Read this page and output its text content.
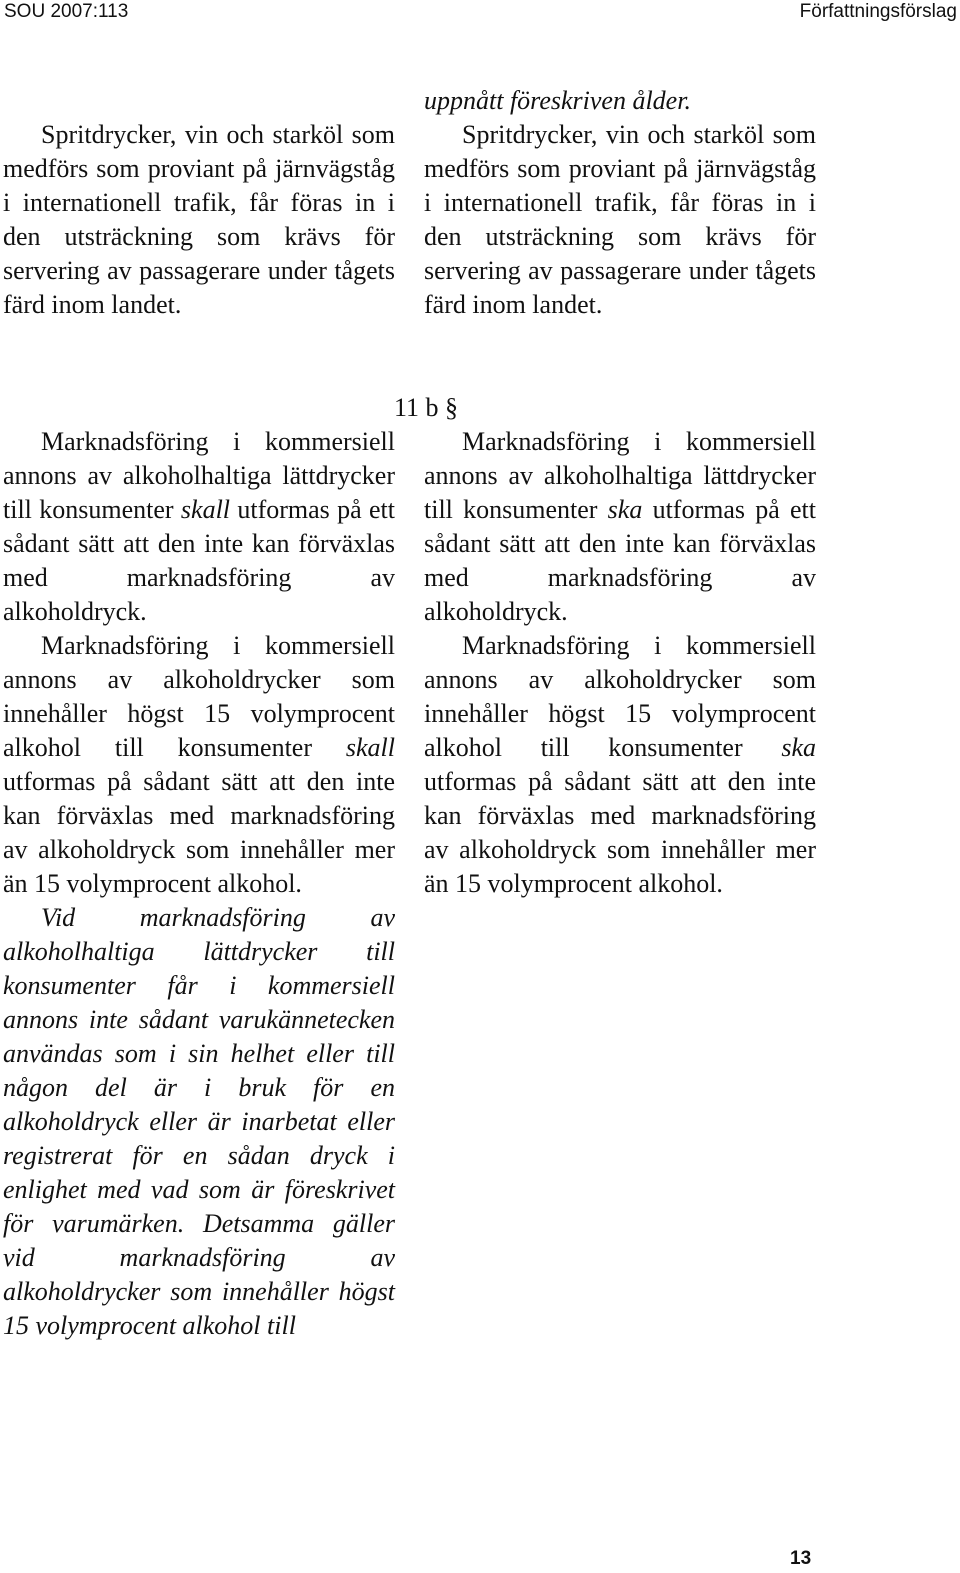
SOU 2007:113	Författningsförslag

Spritdrycker, vin och starköl som medförs som proviant på järnvägståg i internationell trafik, får föras in i den utsträckning som krävs för servering av passagerare under tågets färd inom landet.

uppnått föreskriven ålder.

Spritdrycker, vin och starköl som medförs som proviant på järnvägståg i internationell trafik, får föras in i den utsträckning som krävs för servering av passagerare under tågets färd inom landet.

11 b §

Marknadsföring i kommersiell annons av alkoholhaltiga lättdrycker till konsumenter skall utformas på ett sådant sätt att den inte kan förväxlas med marknadsföring av alkoholdryck.

Marknadsföring i kommersiell annons av alkoholdrycker som innehåller högst 15 volymprocent alkohol till konsumenter skall utformas på sådant sätt att den inte kan förväxlas med marknadsföring av alkoholdryck som innehåller mer än 15 volymprocent alkohol.

Vid marknadsföring av alkoholhaltiga lättdrycker till konsumenter får i kommersiell annons inte sådant varukännetecken användas som i sin helhet eller till någon del är i bruk för en alkoholdryck eller är inarbetat eller registrerat för en sådan dryck i enlighet med vad som är föreskrivet för varumärken. Detsamma gäller vid marknadsföring av alkoholdrycker som innehåller högst 15 volymprocent alkohol till

Marknadsföring i kommersiell annons av alkoholhaltiga lättdrycker till konsumenter ska utformas på ett sådant sätt att den inte kan förväxlas med marknadsföring av alkoholdryck.

Marknadsföring i kommersiell annons av alkoholdrycker som innehåller högst 15 volymprocent alkohol till konsumenter ska utformas på sådant sätt att den inte kan förväxlas med marknadsföring av alkoholdryck som innehåller mer än 15 volymprocent alkohol.

13
